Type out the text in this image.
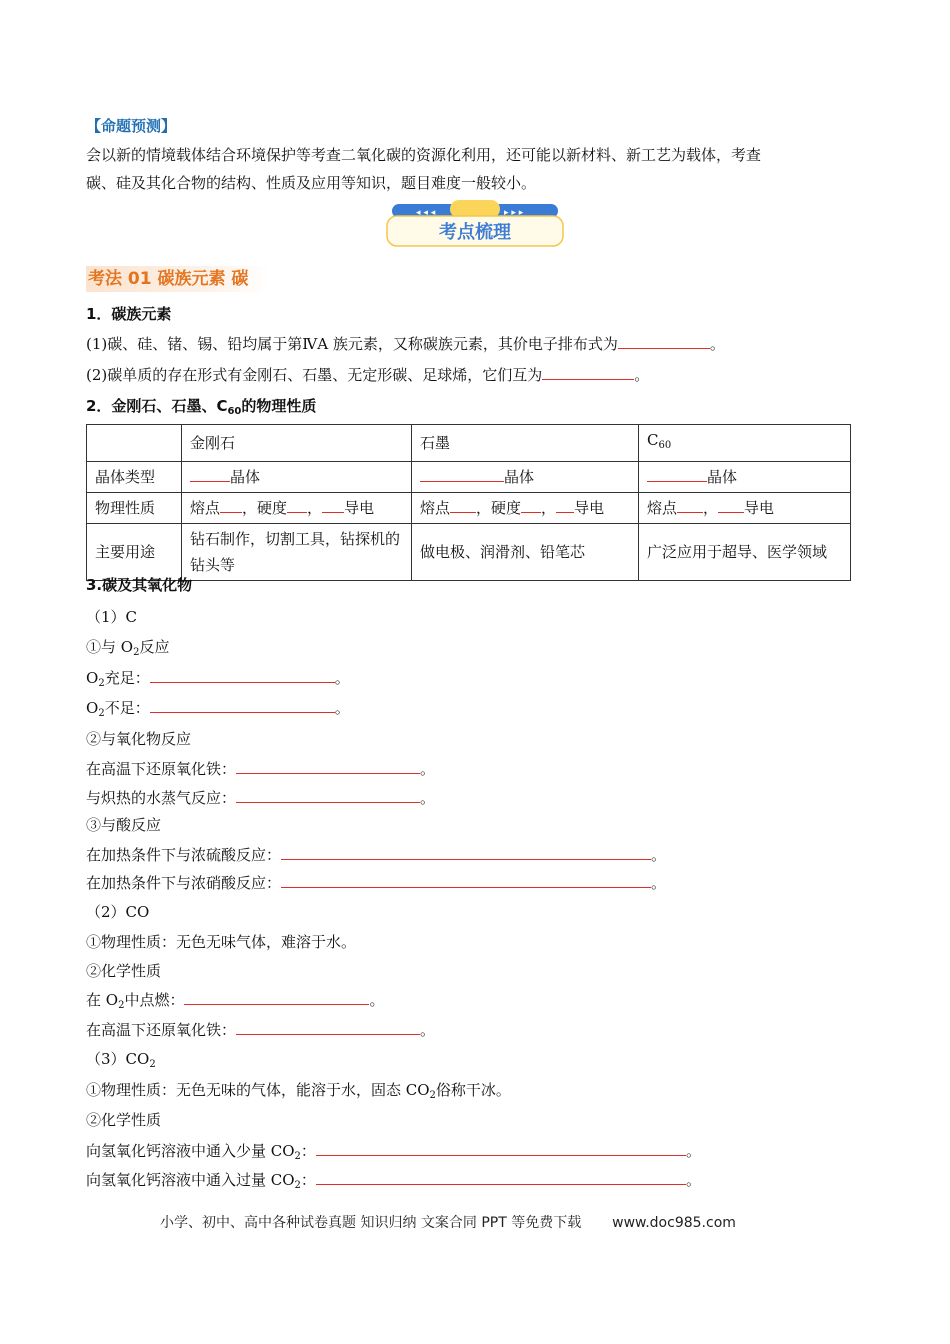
【命题预测】
会以新的情境载体结合环境保护等考查二氧化碳的资源化利用，还可能以新材料、新工艺为载体，考查
碳、硅及其化合物的结构、性质及应用等知识，题目难度一般较小。
◂ ◂ ◂	▸ ▸ ▸
考点梳理
考法 01 碳族元素 碳
1．碳族元素
(1)碳、硅、锗、锡、铅均属于第ⅣA 族元素，又称碳族元素，其价电子排布式为	。
(2)碳单质的存在形式有金刚石、石墨、无定形碳、足球烯，它们互为	。
2．金刚石、石墨、$C_{60}$的物理性质
	金刚石	石墨	$C_{60}$
晶体类型	晶体	晶体	晶体
物理性质	熔点 ，硬度 ， 导电	熔点 ，硬度 ， 导电	熔点 ， 导电
主要用途	钻石制作，切割工具，钻探机的钻头等	做电极、润滑剂、铅笔芯	广泛应用于超导、医学领域
3.碳及其氧化物
（1）C
①与 $O_2$反应
$O_2$充足：	。
$O_2$不足：	。
②与氧化物反应
在高温下还原氧化铁：	。
与炽热的水蒸气反应：	。
③与酸反应
在加热条件下与浓硫酸反应：	。
在加热条件下与浓硝酸反应：	。
（2）CO
①物理性质：无色无味气体，难溶于水。
②化学性质
在 $O_2$中点燃：	。
在高温下还原氧化铁：	。
$(3)CO_2$
①物理性质：无色无味的气体，能溶于水，固态 $CO_2$俗称干冰。
②化学性质
向氢氧化钙溶液中通入少量 $CO_2$：	。
向氢氧化钙溶液中通入过量 $CO_2$：	。
小学、初中、高中各种试卷真题 知识归纳 文案合同 PPT 等免费下载 www.doc985.com
